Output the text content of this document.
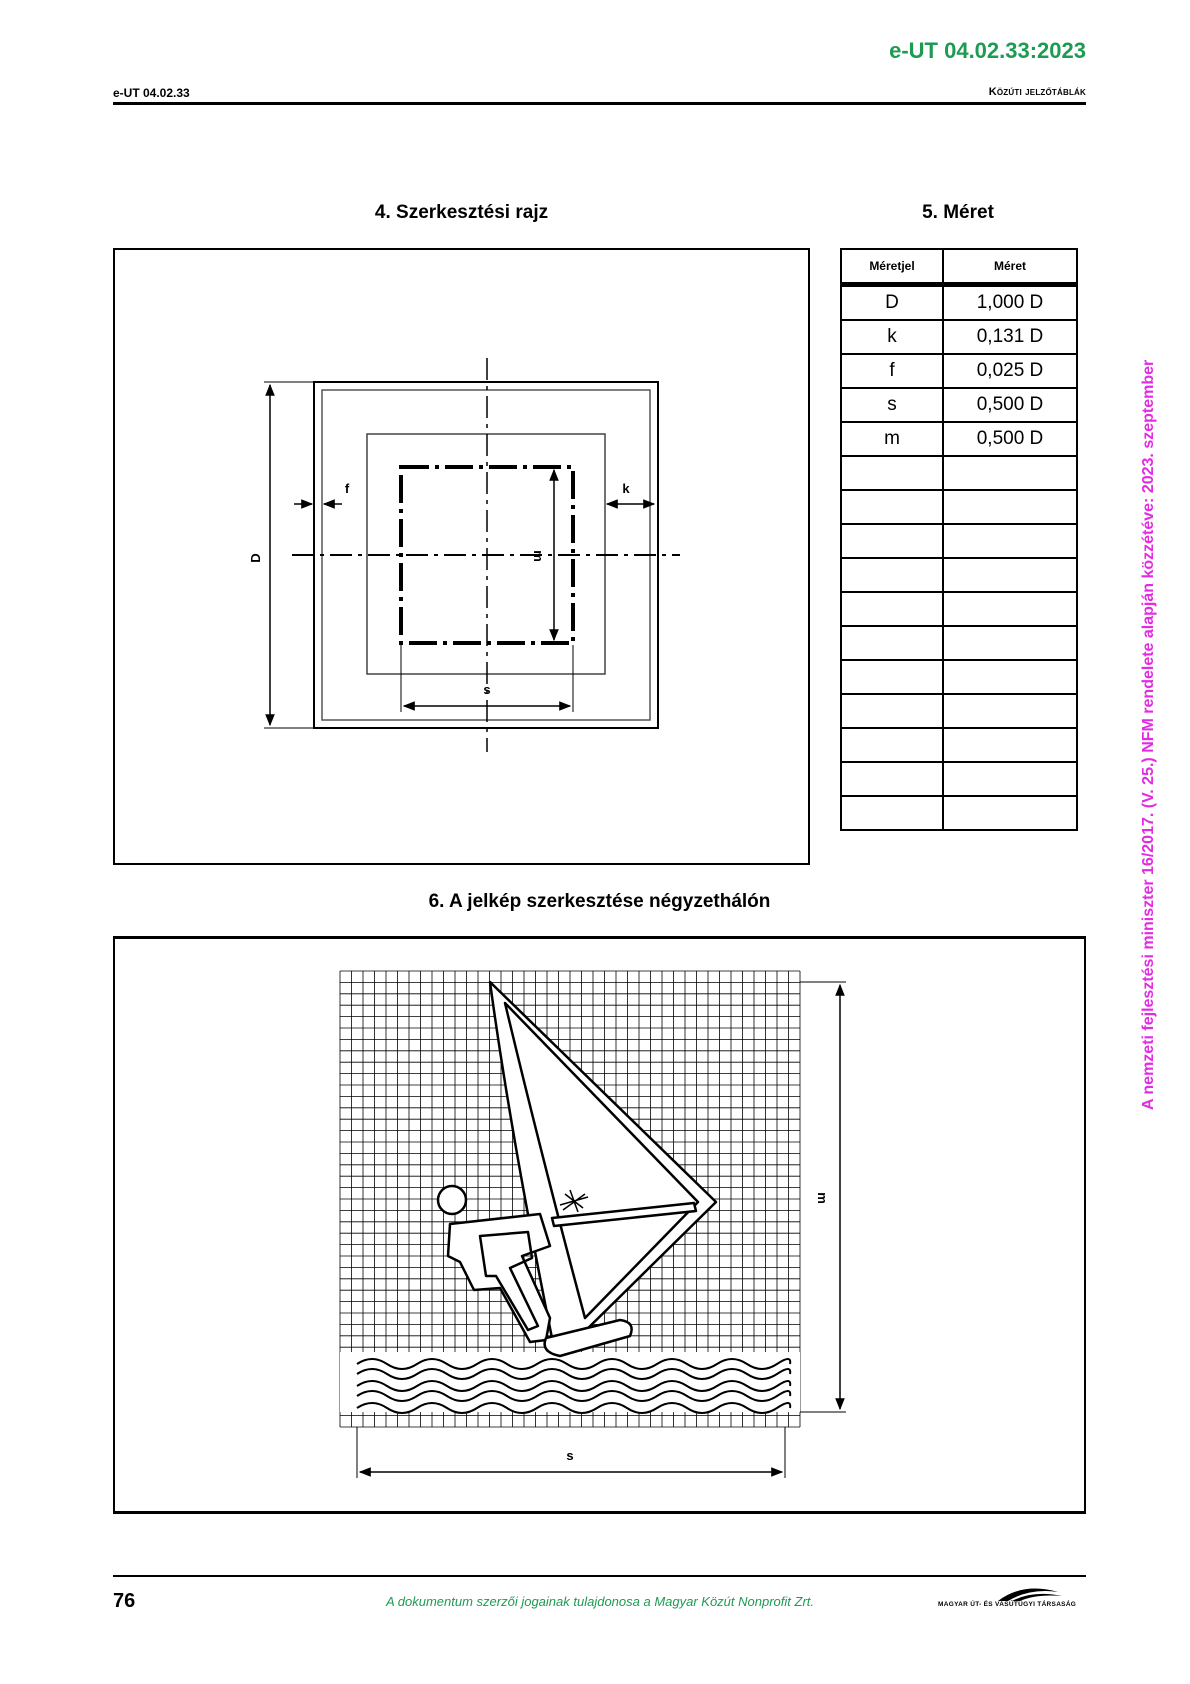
e-UT 04.02.33:2023
e-UT 04.02.33	Közúti jelzőtáblák
4. Szerkesztési rajz	5. Méret
D
f	k
m
s
Méretjel	Méret
D	1,000 D
k	0,131 D
f	0,025 D
s	0,500 D
m	0,500 D

6. A jelkép szerkesztése négyzethálón
m
s
A nemzeti fejlesztési miniszter 16/2017. (V. 25.) NFM rendelete alapján közzétéve: 2023. szeptember
76	A dokumentum szerzői jogainak tulajdonosa a Magyar Közút Nonprofit Zrt.	MAGYAR ÚT- ÉS VASÚTÜGYI TÁRSASÁG
